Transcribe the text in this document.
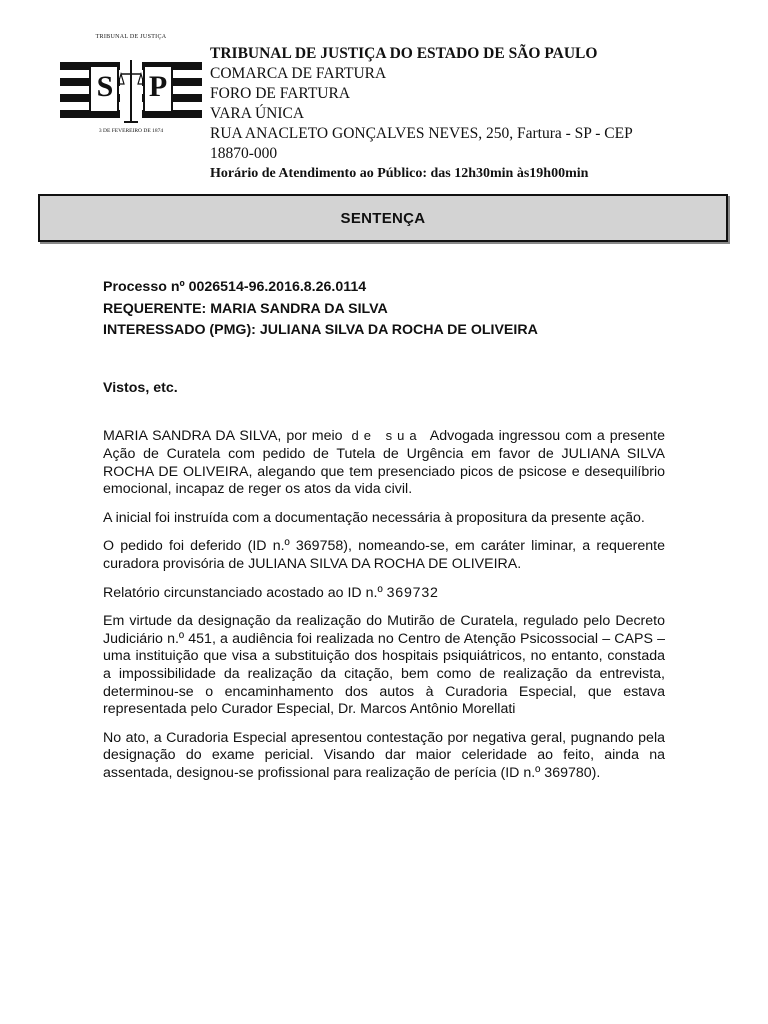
TRIBUNAL DE JUSTIÇA
S P
3 DE FEVEREIRO DE 1874
TRIBUNAL DE JUSTIÇA DO ESTADO DE SÃO PAULO
COMARCA DE FARTURA
FORO DE FARTURA
VARA ÚNICA
RUA ANACLETO GONÇALVES NEVES, 250, Fartura - SP - CEP
18870-000
Horário de Atendimento ao Público: das 12h30min às19h00min
SENTENÇA
Processo nº 0026514-96.2016.8.26.0114
REQUERENTE: MARIA SANDRA DA SILVA
INTERESSADO (PMG): JULIANA SILVA DA ROCHA DE OLIVEIRA
Vistos, etc.

MARIA SANDRA DA SILVA, por meio de sua Advogada ingressou com a presente Ação de Curatela com pedido de Tutela de Urgência em favor de JULIANA SILVA ROCHA DE OLIVEIRA, alegando que tem presenciado picos de psicose e desequilíbrio emocional, incapaz de reger os atos da vida civil.

A inicial foi instruída com a documentação necessária à propositura da presente ação.

O pedido foi deferido (ID n.º 369758), nomeando-se, em caráter liminar, a requerente curadora provisória de JULIANA SILVA DA ROCHA DE OLIVEIRA.

Relatório circunstanciado acostado ao ID n.º 369732

Em virtude da designação da realização do Mutirão de Curatela, regulado pelo Decreto Judiciário n.º 451, a audiência foi realizada no Centro de Atenção Psicossocial – CAPS – uma instituição que visa a substituição dos hospitais psiquiátricos, no entanto, constada a impossibilidade da realização da citação, bem como de realização da entrevista, determinou-se o encaminhamento dos autos à Curadoria Especial, que estava representada pelo Curador Especial, Dr. Marcos Antônio Morellati

No ato, a Curadoria Especial apresentou contestação por negativa geral, pugnando pela designação do exame pericial. Visando dar maior celeridade ao feito, ainda na assentada, designou-se profissional para realização de perícia (ID n.º 369780).
